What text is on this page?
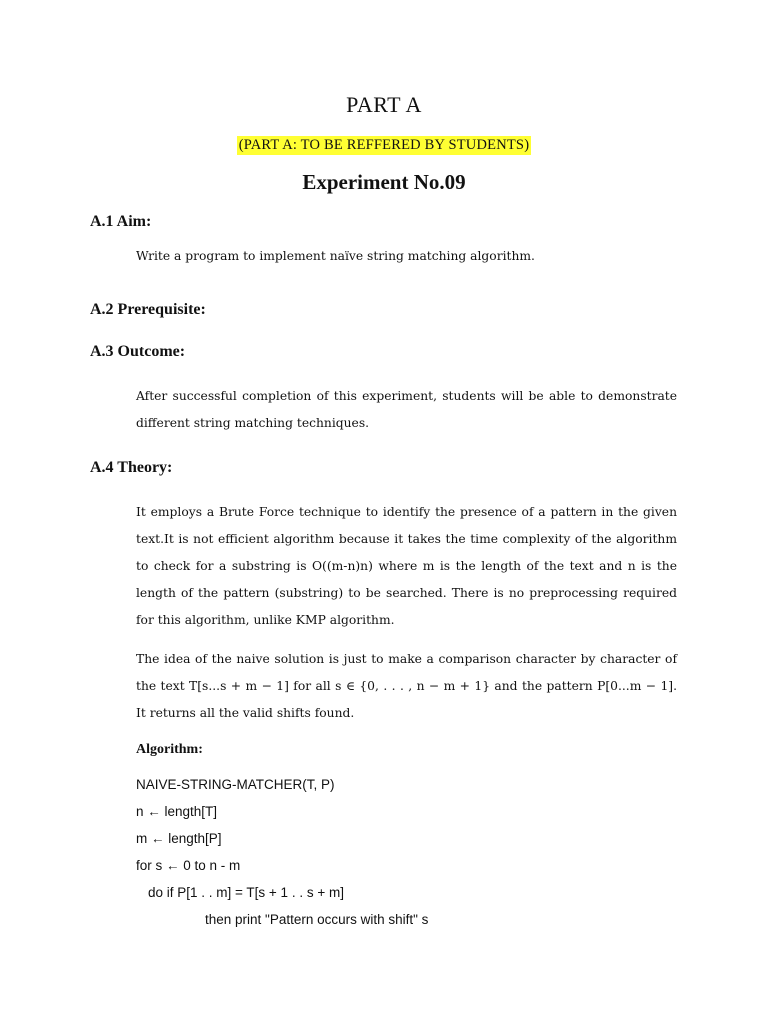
PART A
(PART A: TO BE REFFERED BY STUDENTS)
Experiment No.09
A.1 Aim:
Write a program to implement naïve string matching algorithm.
A.2 Prerequisite:
A.3 Outcome:
After successful completion of this experiment, students will be able to demonstrate different string matching techniques.
A.4 Theory:
It employs a Brute Force technique to identify the presence of a pattern in the given text.It is not efficient algorithm because it takes the time complexity of the algorithm to check for a substring is O((m-n)n) where m is the length of the text and n is the length of the pattern (substring) to be searched. There is no preprocessing required for this algorithm, unlike KMP algorithm.
The idea of the naive solution is just to make a comparison character by character of the text T[s...s + m − 1] for all s ∈ {0, . . . , n − m + 1} and the pattern P[0...m − 1]. It returns all the valid shifts found.
Algorithm:
NAIVE-STRING-MATCHER(T, P)
n ← length[T]
m ← length[P]
for s ← 0 to n - m
do if P[1 . . m] = T[s + 1 . . s + m]
then print "Pattern occurs with shift" s
